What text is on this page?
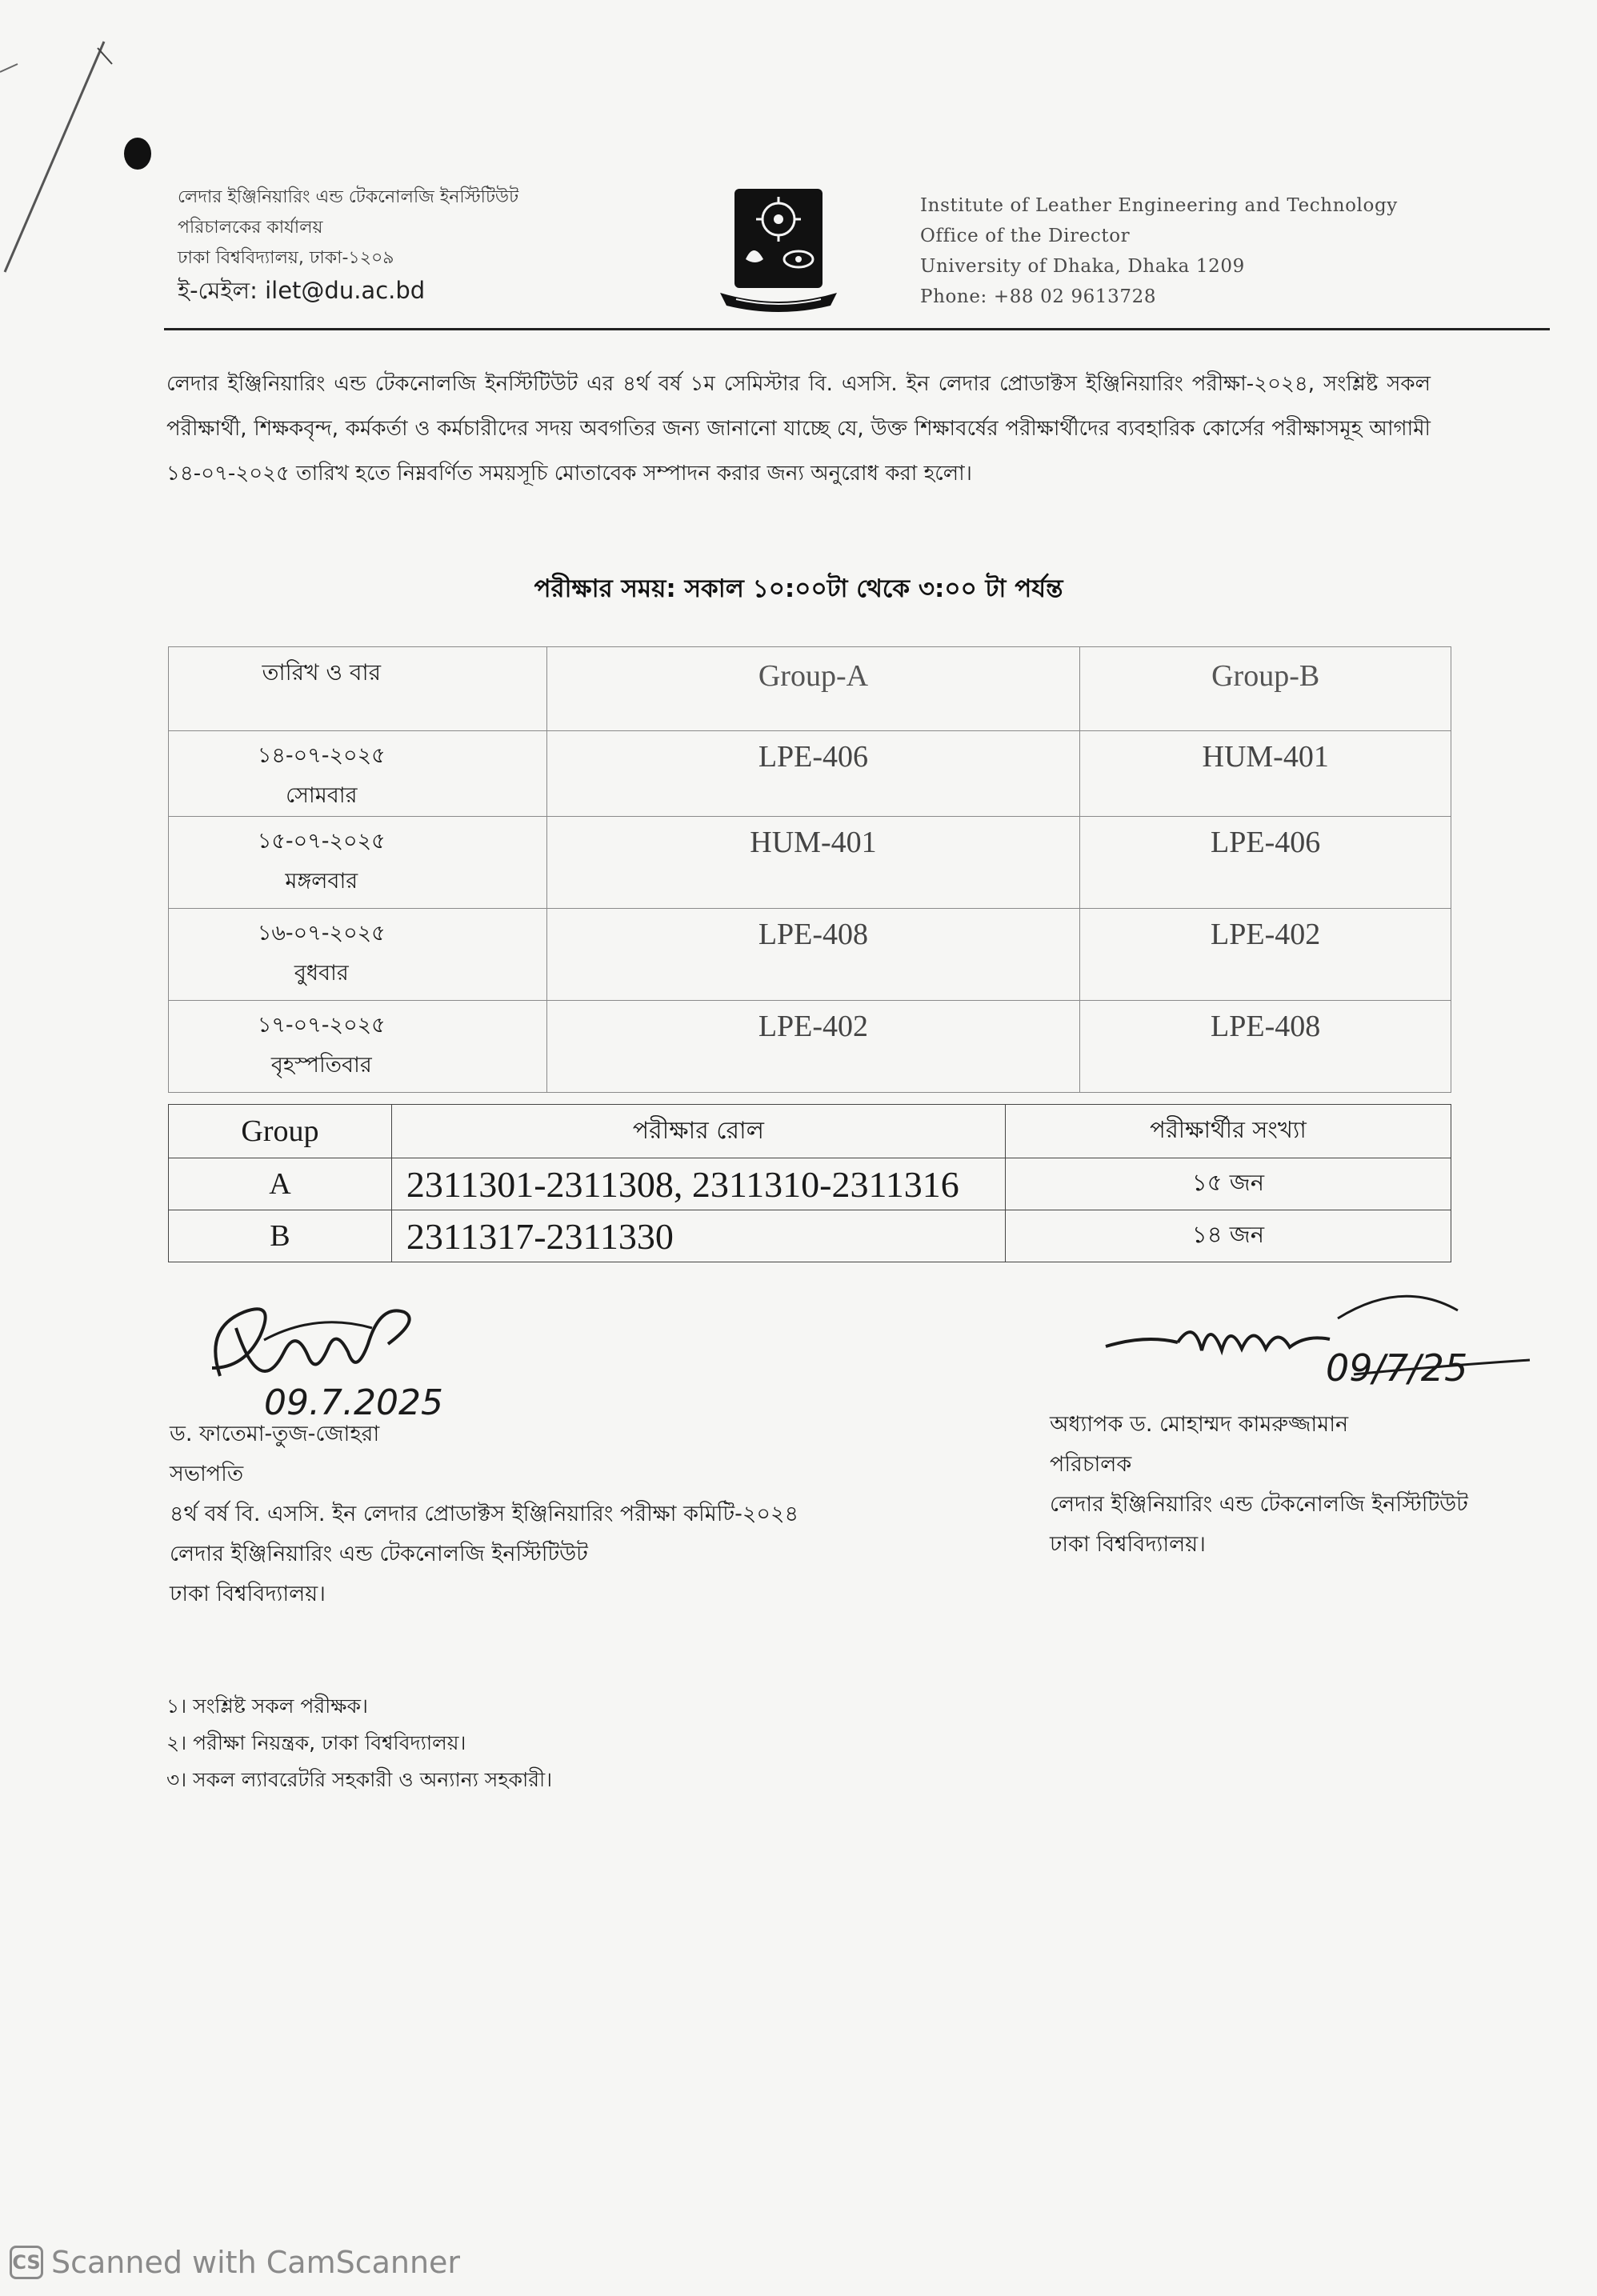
লেদার ইঞ্জিনিয়ারিং এন্ড টেকনোলজি ইনস্টিটিউট
পরিচালকের কার্যালয়
ঢাকা বিশ্ববিদ্যালয়, ঢাকা-১২০৯
ই-মেইল: ilet@du.ac.bd
Institute of Leather Engineering and Technology
Office of the Director
University of Dhaka, Dhaka 1209
Phone: +88 02 9613728
লেদার ইঞ্জিনিয়ারিং এন্ড টেকনোলজি ইনস্টিটিউট এর ৪র্থ বর্ষ ১ম সেমিস্টার বি. এসসি. ইন লেদার প্রোডাক্টস ইঞ্জিনিয়ারিং পরীক্ষা-২০২৪, সংশ্লিষ্ট সকল পরীক্ষার্থী, শিক্ষকবৃন্দ, কর্মকর্তা ও কর্মচারীদের সদয় অবগতির জন্য জানানো যাচ্ছে যে, উক্ত শিক্ষাবর্ষের পরীক্ষার্থীদের ব্যবহারিক কোর্সের পরীক্ষাসমূহ আগামী ১৪-০৭-২০২৫ তারিখ হতে নিম্নবর্ণিত সময়সূচি মোতাবেক সম্পাদন করার জন্য অনুরোধ করা হলো।
পরীক্ষার সময়: সকাল ১০:০০টা থেকে ৩:০০ টা পর্যন্ত
তারিখ ও বার	Group-A	Group-B

১৪-০৭-২০২৫
সোমবার	LPE-406	HUM-401

১৫-০৭-২০২৫
মঙ্গলবার	HUM-401	LPE-406

১৬-০৭-২০২৫
বুধবার	LPE-408	LPE-402

১৭-০৭-২০২৫
বৃহস্পতিবার	LPE-402	LPE-408
Group	পরীক্ষার রোল	পরীক্ষার্থীর সংখ্যা
A	2311301-2311308, 2311310-2311316	১৫ জন
B	2311317-2311330	১৪ জন
09.7.2025
ড. ফাতেমা-তুজ-জোহরা
সভাপতি
৪র্থ বর্ষ বি. এসসি. ইন লেদার প্রোডাক্টস ইঞ্জিনিয়ারিং পরীক্ষা কমিটি-২০২৪
লেদার ইঞ্জিনিয়ারিং এন্ড টেকনোলজি ইনস্টিটিউট
ঢাকা বিশ্ববিদ্যালয়।
09/7/25
অধ্যাপক ড. মোহাম্মদ কামরুজ্জামান
পরিচালক
লেদার ইঞ্জিনিয়ারিং এন্ড টেকনোলজি ইনস্টিটিউট
ঢাকা বিশ্ববিদ্যালয়।
১। সংশ্লিষ্ট সকল পরীক্ষক।
২। পরীক্ষা নিয়ন্ত্রক, ঢাকা বিশ্ববিদ্যালয়।
৩। সকল ল্যাবরেটরি সহকারী ও অন্যান্য সহকারী।
CS Scanned with CamScanner
